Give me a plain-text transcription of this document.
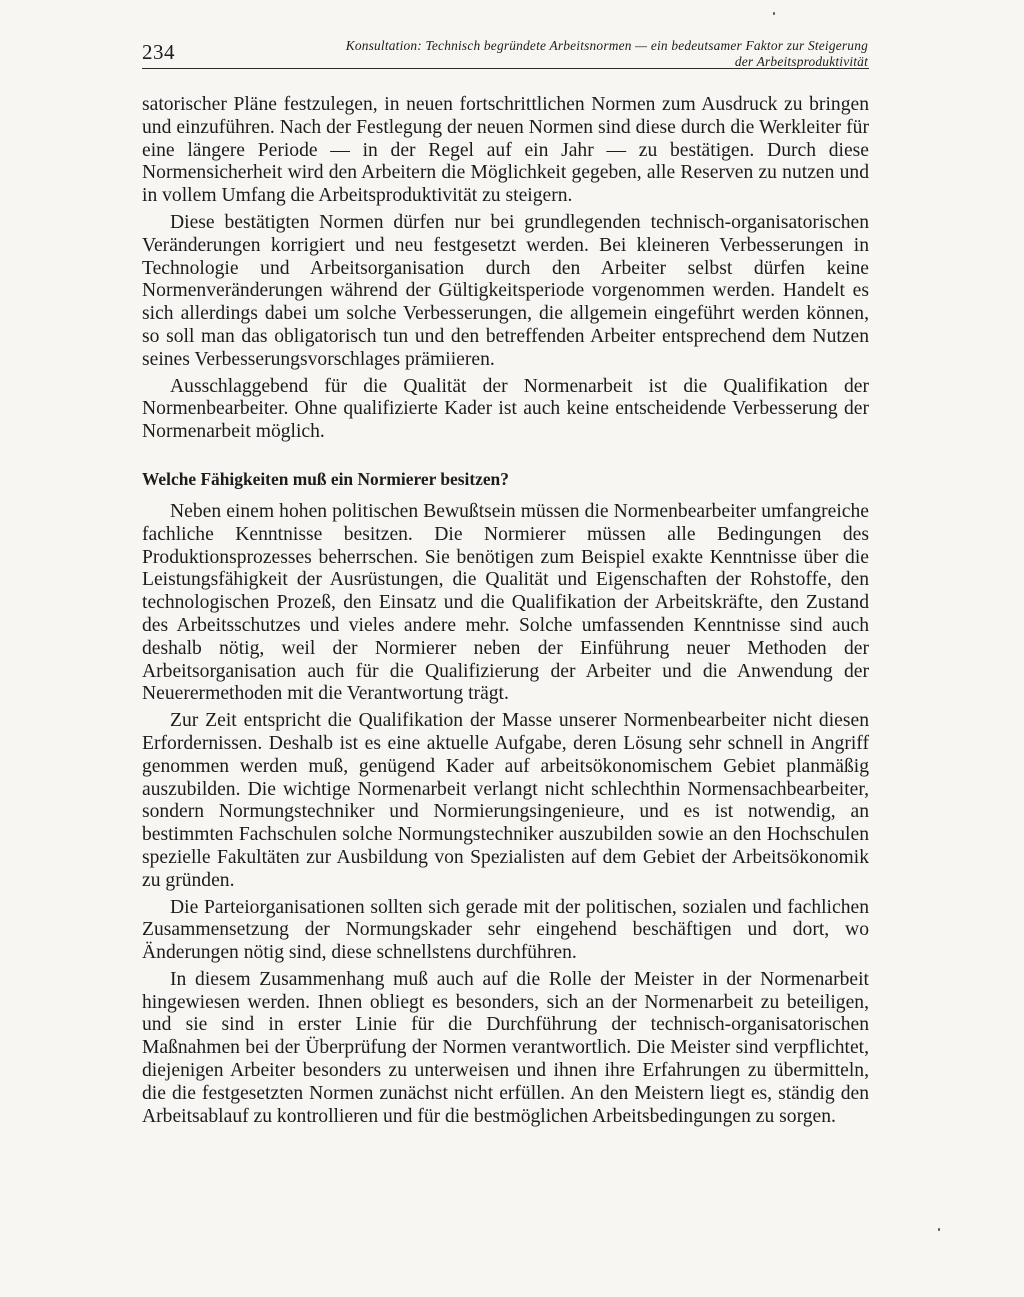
234	Konsultation: Technisch begründete Arbeitsnormen — ein bedeutsamer Faktor zur Steigerung
der Arbeitsproduktivität

satorischer Pläne festzulegen, in neuen fortschrittlichen Normen zum Ausdruck zu bringen und einzuführen. Nach der Festlegung der neuen Normen sind diese durch die Werkleiter für eine längere Periode — in der Regel auf ein Jahr — zu bestätigen. Durch diese Normensicherheit wird den Arbeitern die Möglichkeit gegeben, alle Reserven zu nutzen und in vollem Umfang die Arbeitsproduktivität zu steigern.

Diese bestätigten Normen dürfen nur bei grundlegenden technisch-organisatorischen Veränderungen korrigiert und neu festgesetzt werden. Bei kleineren Verbesserungen in Technologie und Arbeitsorganisation durch den Arbeiter selbst dürfen keine Normenveränderungen während der Gültigkeitsperiode vorgenommen werden. Handelt es sich allerdings dabei um solche Verbesserungen, die allgemein eingeführt werden können, so soll man das obligatorisch tun und den betreffenden Arbeiter entsprechend dem Nutzen seines Verbesserungsvorschlages prämiieren.

Ausschlaggebend für die Qualität der Normenarbeit ist die Qualifikation der Normenbearbeiter. Ohne qualifizierte Kader ist auch keine entscheidende Verbesserung der Normenarbeit möglich.

Welche Fähigkeiten muß ein Normierer besitzen?

Neben einem hohen politischen Bewußtsein müssen die Normenbearbeiter umfangreiche fachliche Kenntnisse besitzen. Die Normierer müssen alle Bedingungen des Produktionsprozesses beherrschen. Sie benötigen zum Beispiel exakte Kenntnisse über die Leistungsfähigkeit der Ausrüstungen, die Qualität und Eigenschaften der Rohstoffe, den technologischen Prozeß, den Einsatz und die Qualifikation der Arbeitskräfte, den Zustand des Arbeitsschutzes und vieles andere mehr. Solche umfassenden Kenntnisse sind auch deshalb nötig, weil der Normierer neben der Einführung neuer Methoden der Arbeitsorganisation auch für die Qualifizierung der Arbeiter und die Anwendung der Neuerermethoden mit die Verantwortung trägt.

Zur Zeit entspricht die Qualifikation der Masse unserer Normenbearbeiter nicht diesen Erfordernissen. Deshalb ist es eine aktuelle Aufgabe, deren Lösung sehr schnell in Angriff genommen werden muß, genügend Kader auf arbeitsökonomischem Gebiet planmäßig auszubilden. Die wichtige Normenarbeit verlangt nicht schlechthin Normensachbearbeiter, sondern Normungstechniker und Normierungsingenieure, und es ist notwendig, an bestimmten Fachschulen solche Normungstechniker auszubilden sowie an den Hochschulen spezielle Fakultäten zur Ausbildung von Spezialisten auf dem Gebiet der Arbeitsökonomik zu gründen.

Die Parteiorganisationen sollten sich gerade mit der politischen, sozialen und fachlichen Zusammensetzung der Normungskader sehr eingehend beschäftigen und dort, wo Änderungen nötig sind, diese schnellstens durchführen.

In diesem Zusammenhang muß auch auf die Rolle der Meister in der Normenarbeit hingewiesen werden. Ihnen obliegt es besonders, sich an der Normenarbeit zu beteiligen, und sie sind in erster Linie für die Durchführung der technisch-organisatorischen Maßnahmen bei der Überprüfung der Normen verantwortlich. Die Meister sind verpflichtet, diejenigen Arbeiter besonders zu unterweisen und ihnen ihre Erfahrungen zu übermitteln, die die festgesetzten Normen zunächst nicht erfüllen. An den Meistern liegt es, ständig den Arbeitsablauf zu kontrollieren und für die bestmöglichen Arbeitsbedingungen zu sorgen.
